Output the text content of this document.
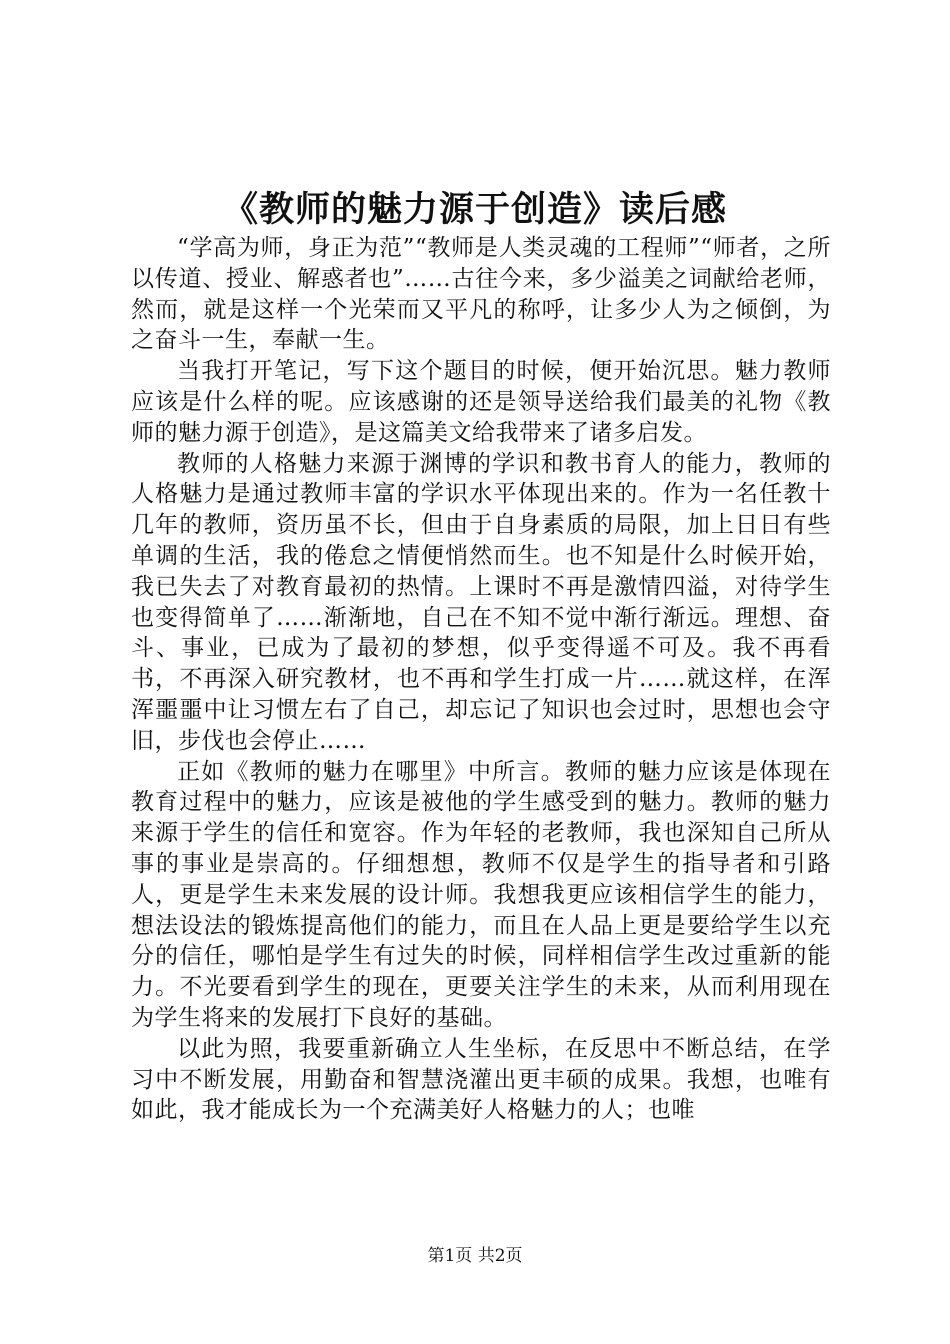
《教师的魅力源于创造》读后感

“学高为师，身正为范”“教师是人类灵魂的工程师”“师者，之所以传道、授业、解惑者也”……古往今来，多少溢美之词献给老师，然而，就是这样一个光荣而又平凡的称呼，让多少人为之倾倒，为之奋斗一生，奉献一生。

当我打开笔记，写下这个题目的时候，便开始沉思。魅力教师应该是什么样的呢。应该感谢的还是领导送给我们最美的礼物《教师的魅力源于创造》，是这篇美文给我带来了诸多启发。

教师的人格魅力来源于渊博的学识和教书育人的能力，教师的人格魅力是通过教师丰富的学识水平体现出来的。作为一名任教十几年的教师，资历虽不长，但由于自身素质的局限，加上日日有些单调的生活，我的倦怠之情便悄然而生。也不知是什么时候开始，我已失去了对教育最初的热情。上课时不再是激情四溢，对待学生也变得简单了……渐渐地，自己在不知不觉中渐行渐远。理想、奋斗、事业，已成为了最初的梦想，似乎变得遥不可及。我不再看书，不再深入研究教材，也不再和学生打成一片……就这样，在浑浑噩噩中让习惯左右了自己，却忘记了知识也会过时，思想也会守旧，步伐也会停止……

正如《教师的魅力在哪里》中所言。教师的魅力应该是体现在教育过程中的魅力，应该是被他的学生感受到的魅力。教师的魅力来源于学生的信任和宽容。作为年轻的老教师，我也深知自己所从事的事业是崇高的。仔细想想，教师不仅是学生的指导者和引路人，更是学生未来发展的设计师。我想我更应该相信学生的能力，想法设法的锻炼提高他们的能力，而且在人品上更是要给学生以充分的信任，哪怕是学生有过失的时候，同样相信学生改过重新的能力。不光要看到学生的现在，更要关注学生的未来，从而利用现在为学生将来的发展打下良好的基础。

以此为照，我要重新确立人生坐标，在反思中不断总结，在学习中不断发展，用勤奋和智慧浇灌出更丰硕的成果。我想，也唯有如此，我才能成长为一个充满美好人格魅力的人；也唯

第1页 共2页
